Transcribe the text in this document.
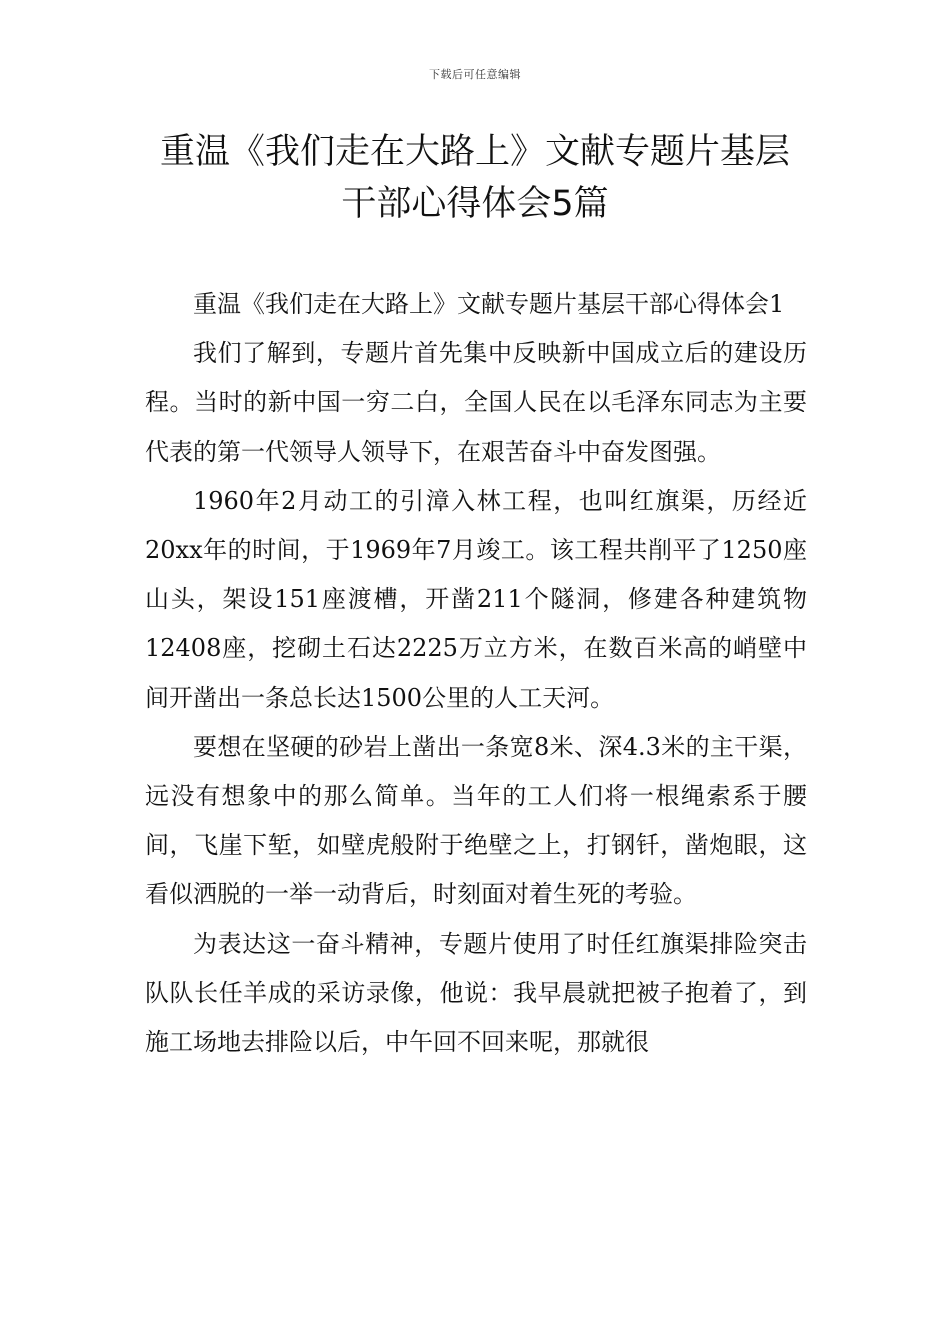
下载后可任意编辑
重温《我们走在大路上》文献专题片基层
干部心得体会5篇

重温《我们走在大路上》文献专题片基层干部心得体会1

我们了解到，专题片首先集中反映新中国成立后的建设历程。当时的新中国一穷二白，全国人民在以毛泽东同志为主要代表的第一代领导人领导下，在艰苦奋斗中奋发图强。

1960年2月动工的引漳入林工程，也叫红旗渠，历经近20xx年的时间，于1969年7月竣工。该工程共削平了1250座山头，架设151座渡槽，开凿211个隧洞，修建各种建筑物12408座，挖砌土石达2225万立方米，在数百米高的峭壁中间开凿出一条总长达1500公里的人工天河。

要想在坚硬的砂岩上凿出一条宽8米、深4.3米的主干渠，远没有想象中的那么简单。当年的工人们将一根绳索系于腰间，飞崖下堑，如壁虎般附于绝壁之上，打钢钎，凿炮眼，这看似洒脱的一举一动背后，时刻面对着生死的考验。

为表达这一奋斗精神，专题片使用了时任红旗渠排险突击队队长任羊成的采访录像，他说：我早晨就把被子抱着了，到施工场地去排险以后，中午回不回来呢，那就很
